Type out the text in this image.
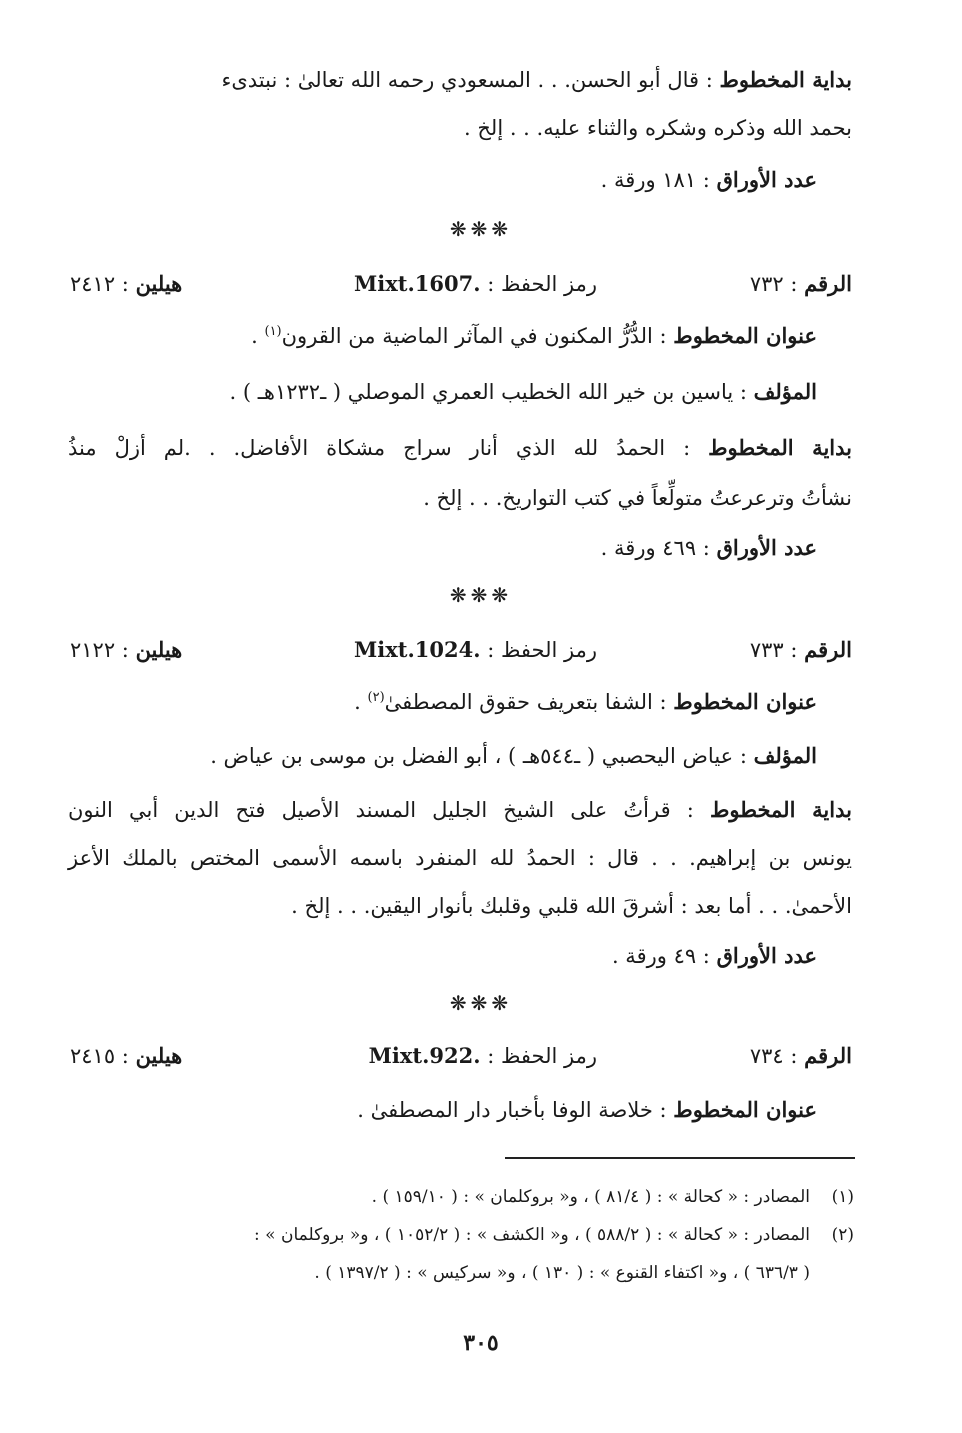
بداية المخطوط : قال أبو الحسن. . . المسعودي رحمه الله تعالىٰ : نبتدىء
بحمد الله وذكره وشكره والثناء عليه. . . إلخ .
عدد الأوراق : ١٨١ ورقة .
❋❋❋
الرقم : ٧٣٢
رمز الحفظ : Mixt.1607.
هيلين : ٢٤١٢
عنوان المخطوط : الدُّرُّ المكنون في المآثر الماضية من القرون$^{(١)}$ .
المؤلف : ياسين بن خير الله الخطيب العمري الموصلي ( ـ١٢٣٢هـ ) .
بداية المخطوط : الحمدُ لله الذي أنار سراج مشكاة الأفاضل. . .لم أزلْ منذُ
نشأتُ وترعرعتُ متولِّعاً في كتب التواريخ. . . إلخ .
عدد الأوراق : ٤٦٩ ورقة .
❋❋❋
الرقم : ٧٣٣
رمز الحفظ : Mixt.1024.
هيلين : ٢١٢٢
عنوان المخطوط : الشفا بتعريف حقوق المصطفىٰ$^{(٢)}$ .
المؤلف : عياض اليحصبي ( ـ٥٤٤هـ ) ، أبو الفضل بن موسى بن عياض .
بداية المخطوط : قرأتُ على الشيخ الجليل المسند الأصيل فتح الدين أبي النون
يونس بن إبراهيم. . . قال : الحمدُ لله المنفرد باسمه الأسمى المختص بالملك الأعز
الأحمىٰ. . . أما بعد : أشرقَ الله قلبي وقلبك بأنوار اليقين. . . إلخ .
عدد الأوراق : ٤٩ ورقة .
❋❋❋
الرقم : ٧٣٤
رمز الحفظ : Mixt.922.
هيلين : ٢٤١٥
عنوان المخطوط : خلاصة الوفا بأخبار دار المصطفىٰ .
(١)المصادر : « كحالة » : ( ٨١/٤ ) ، و« بروكلمان » : ( ١٥٩/١٠ ) .
(٢)المصادر : « كحالة » : ( ٥٨٨/٢ ) ، و« الكشف » : ( ١٠٥٢/٢ ) ، و« بروكلمان » :
( ٦٣٦/٣ ) ، و« اكتفاء القنوع » : ( ١٣٠ ) ، و« سركيس » : ( ١٣٩٧/٢ ) .
٣٠٥
